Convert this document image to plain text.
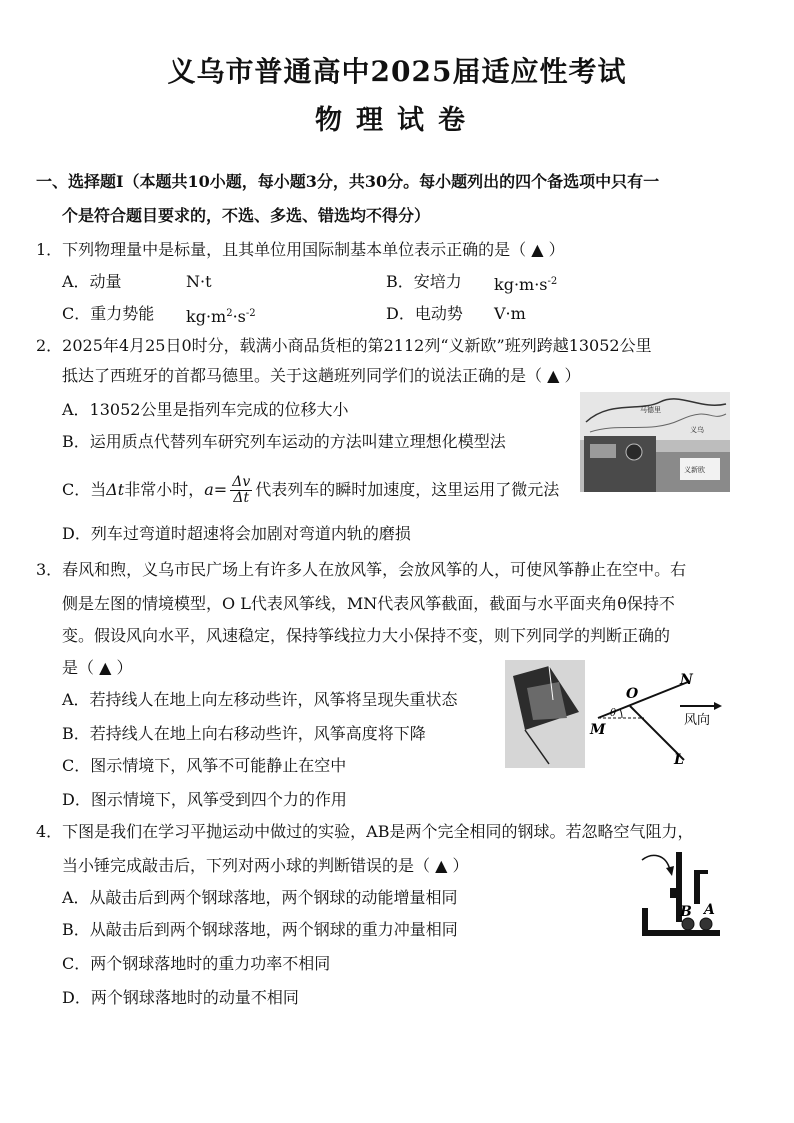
义乌市普通高中2025届适应性考试
物理试卷
一、选择题Ⅰ（本题共10小题，每小题3分，共30分。每小题列出的四个备选项中只有一
个是符合题目要求的，不选、多选、错选均不得分）
1．下列物理量中是标量，且其单位用国际制基本单位表示正确的是（ ▲ ）
A．动量	N·t	B．安培力 $kg\cdot m\cdot s^{-2}$
C．重力势能 $kg\cdot m^2\cdot s^{-2}$	D．电动势 V·m
2．2025年4月25日0时分，载满小商品货柜的第2112列“义新欧”班列跨越13052公里
抵达了西班牙的首都马德里。关于这趟班列同学们的说法正确的是（ ▲ ）
A．13052公里是指列车完成的位移大小
B．运用质点代替列车研究列车运动的方法叫建立理想化模型法
C．当Δt非常小时，$a= \frac{\Delta v}{\Delta t}$ 代表列车的瞬时加速度，这里运用了微元法
D．列车过弯道时超速将会加剧对弯道内轨的磨损
马德里
义乌
义新欧
3．春风和煦，义乌市民广场上有许多人在放风筝，会放风筝的人，可使风筝静止在空中。右
侧是左图的情境模型，O L代表风筝线，MN代表风筝截面，截面与水平面夹角θ保持不
变。假设风向水平，风速稳定，保持筝线拉力大小保持不变，则下列同学的判断正确的
是（ ▲ ）
A．若持线人在地上向左移动些许，风筝将呈现失重状态
B．若持线人在地上向右移动些许，风筝高度将下降
C．图示情境下，风筝不可能静止在空中
D．图示情境下，风筝受到四个力的作用
O
N
M
L
θ	风向
4．下图是我们在学习平抛运动中做过的实验，AB是两个完全相同的钢球。若忽略空气阻力，
当小锤完成敲击后，下列对两小球的判断错误的是（ ▲ ）
A．从敲击后到两个钢球落地，两个钢球的动能增量相同
B．从敲击后到两个钢球落地，两个钢球的重力冲量相同
C．两个钢球落地时的重力功率不相同
D．两个钢球落地时的动量不相同
B A
